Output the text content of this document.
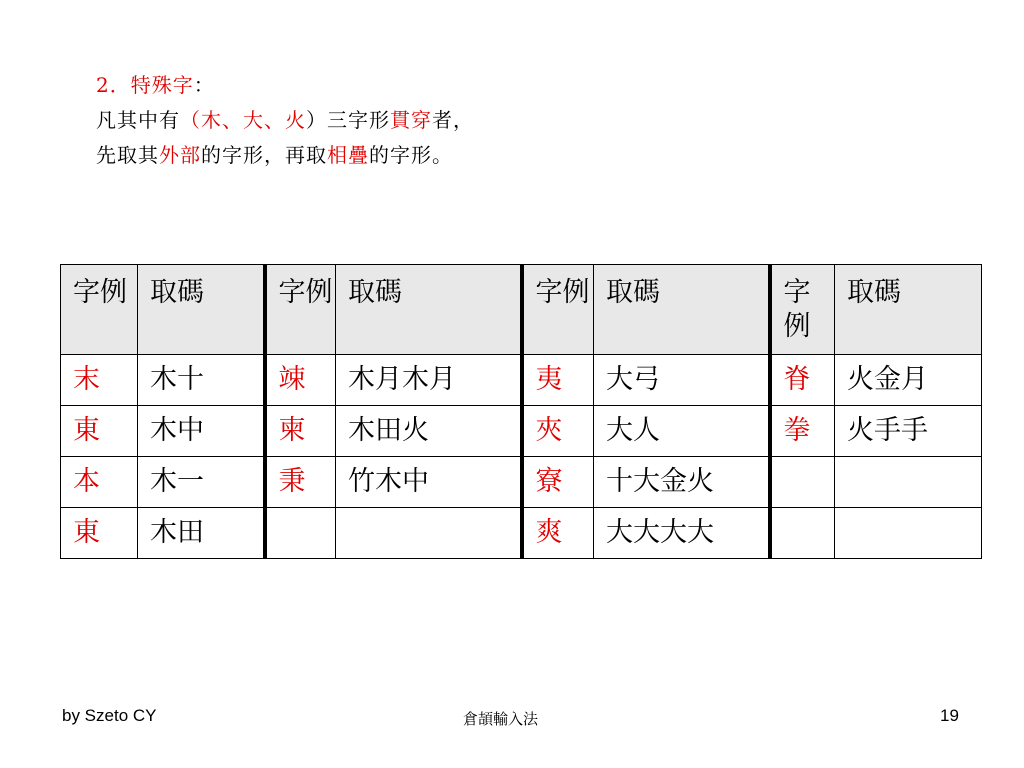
2．特殊字：
凡其中有（木、大、火）三字形貫穿者，
先取其外部的字形，再取相疊的字形。
字例	取碼	字例	取碼	字例	取碼	字例	取碼
末	木十	竦	木月木月	夷	大弓	脊	火金月
東	木中	柬	木田火	夾	大人	拳	火手手
本	木一	秉	竹木中	寮	十大金火		
東	木田			爽	大大大大		
by Szeto CY	倉頡輸入法	19
